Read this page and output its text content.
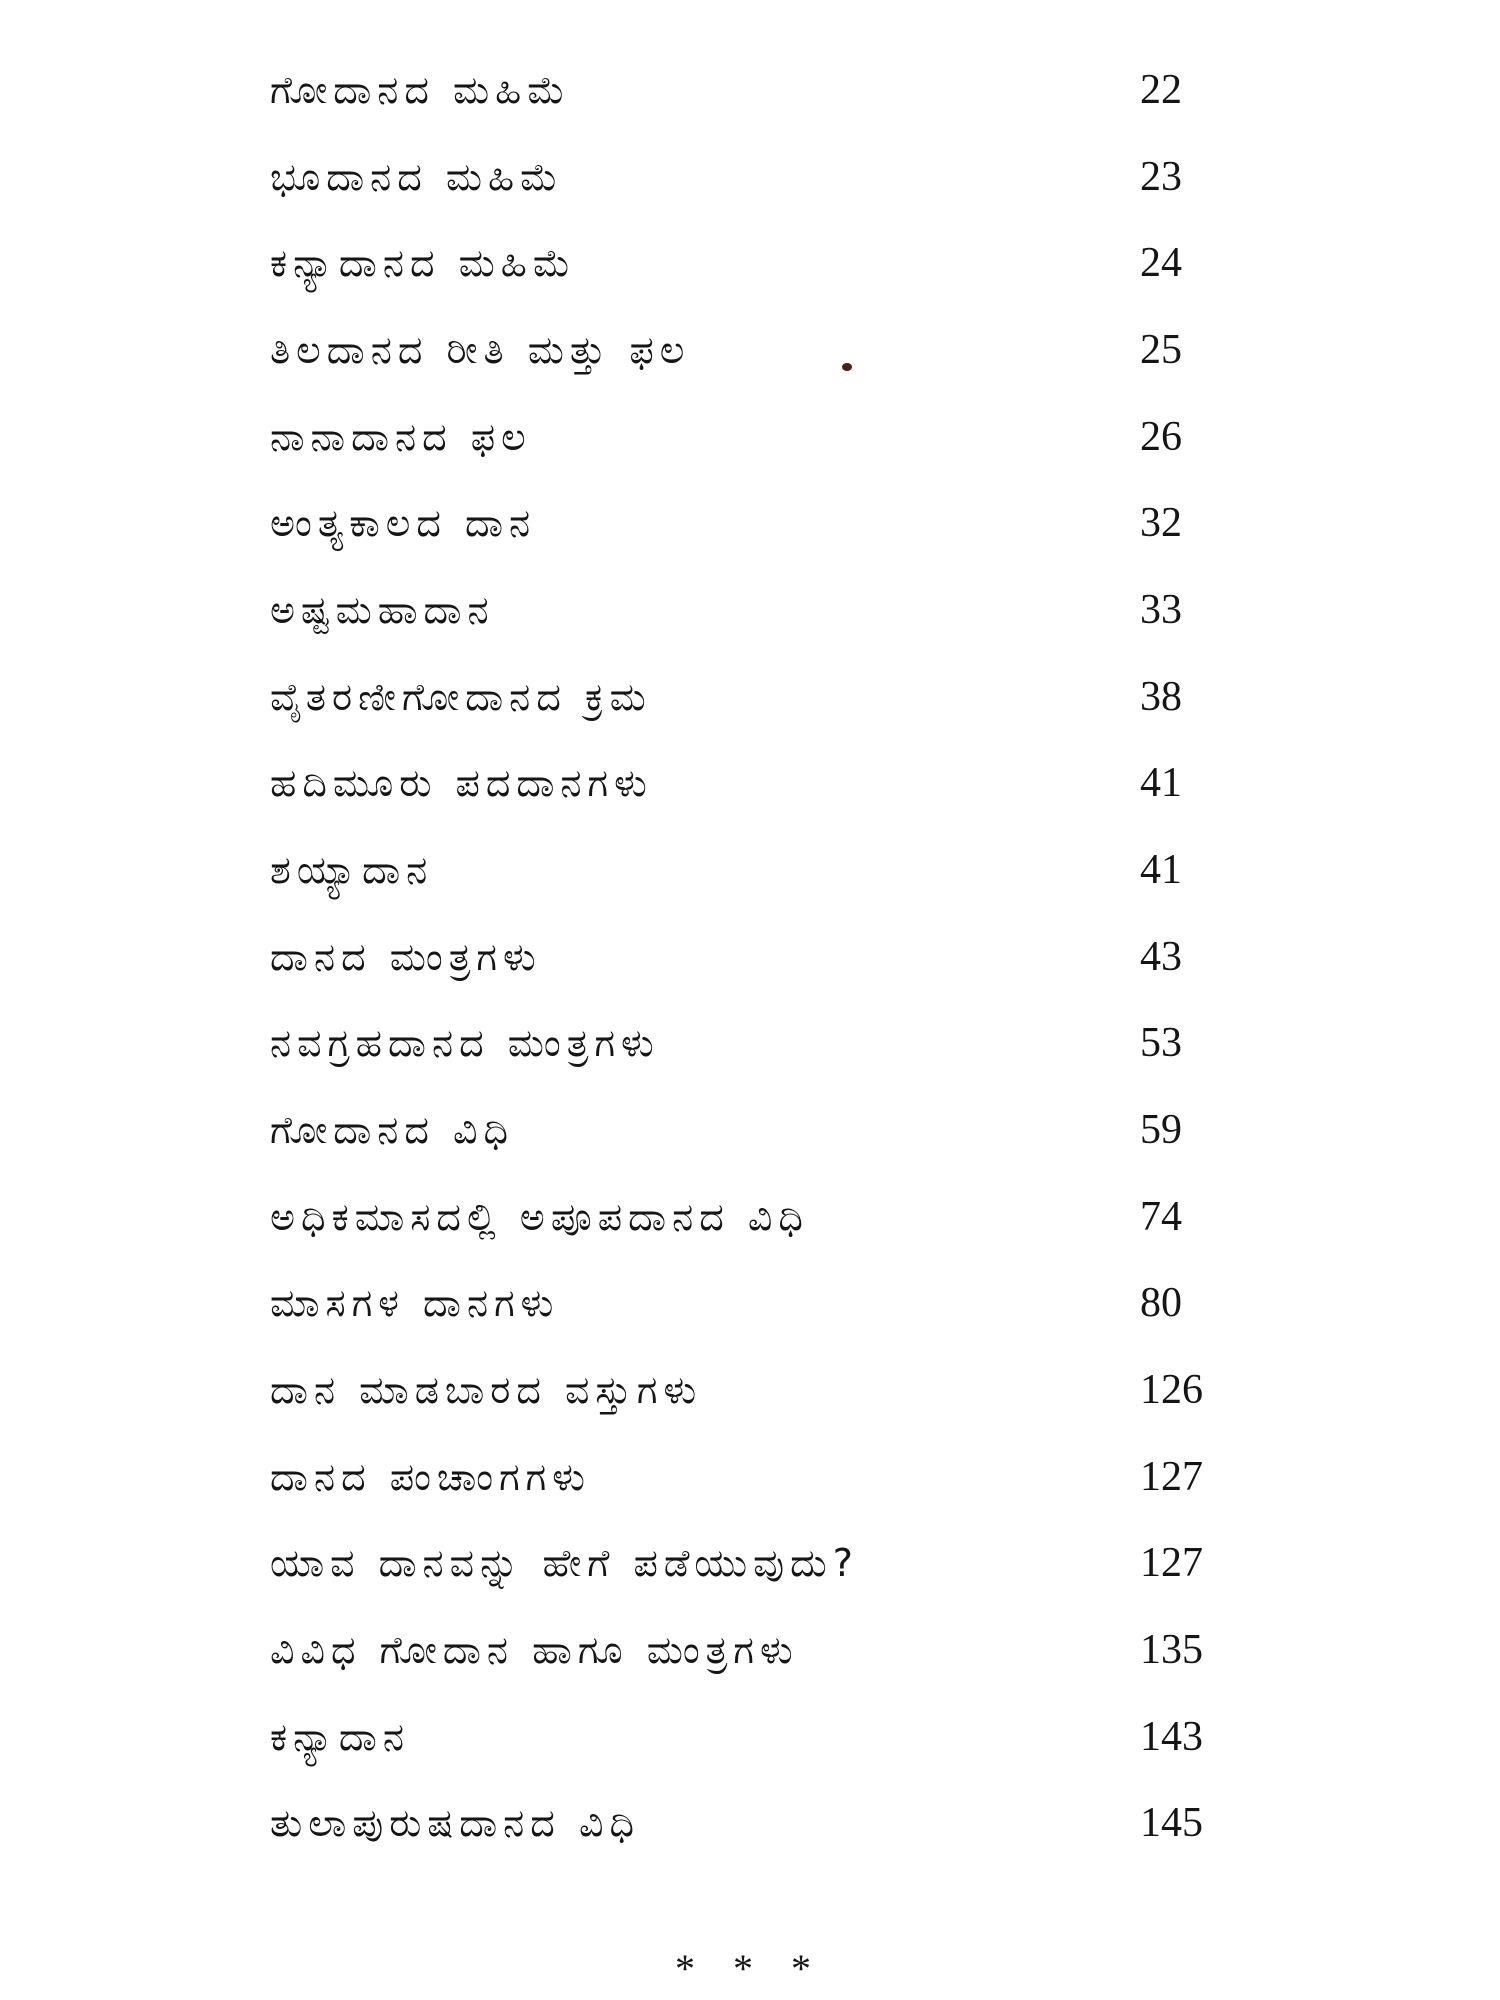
ಗೋದಾನದ ಮಹಿಮೆ	22
ಭೂದಾನದ ಮಹಿಮೆ	23
ಕನ್ಯಾದಾನದ ಮಹಿಮೆ	24
ತಿಲದಾನದ ರೀತಿ ಮತ್ತು ಫಲ	25
ನಾನಾದಾನದ ಫಲ	26
ಅಂತ್ಯಕಾಲದ ದಾನ	32
ಅಷ್ಟಮಹಾದಾನ	33
ವೈತರಣೀಗೋದಾನದ ಕ್ರಮ	38
ಹದಿಮೂರು ಪದದಾನಗಳು	41
ಶಯ್ಯಾದಾನ	41
ದಾನದ ಮಂತ್ರಗಳು	43
ನವಗ್ರಹದಾನದ ಮಂತ್ರಗಳು	53
ಗೋದಾನದ ವಿಧಿ	59
ಅಧಿಕಮಾಸದಲ್ಲಿ ಅಪೂಪದಾನದ ವಿಧಿ	74
ಮಾಸಗಳ ದಾನಗಳು	80
ದಾನ ಮಾಡಬಾರದ ವಸ್ತುಗಳು	126
ದಾನದ ಪಂಚಾಂಗಗಳು	127
ಯಾವ ದಾನವನ್ನು ಹೇಗೆ ಪಡೆಯುವುದು?	127
ವಿವಿಧ ಗೋದಾನ ಹಾಗೂ ಮಂತ್ರಗಳು	135
ಕನ್ಯಾದಾನ	143
ತುಲಾಪುರುಷದಾನದ ವಿಧಿ	145
* * *
